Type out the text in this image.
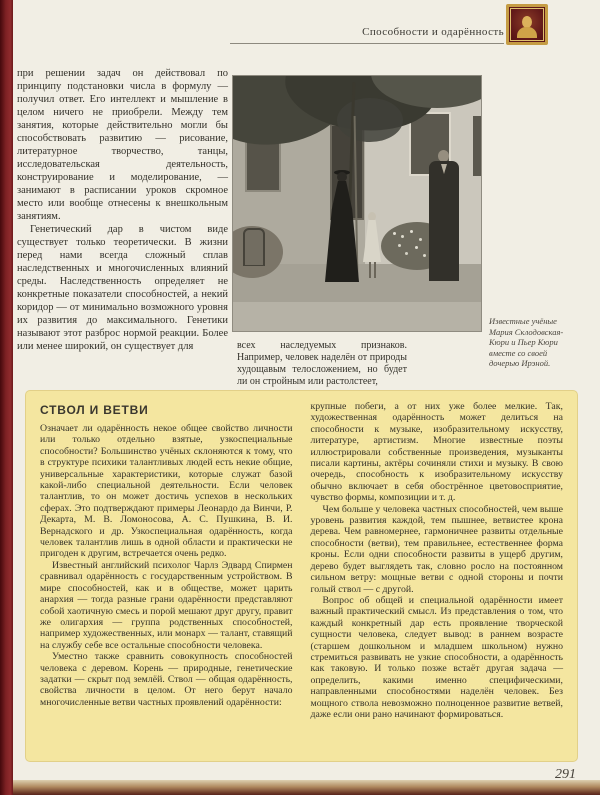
Способности и одарённость

при решении задач он действовал по принципу подстановки числа в формулу — получил ответ. Его интеллект и мышление в целом ничего не приобрели. Между тем занятия, которые действительно могли бы способствовать развитию — рисование, литературное творчество, танцы, исследовательская деятельность, конструирование и моделирование, — занимают в расписании уроков скромное место или вообще отнесены к внешкольным занятиям.

Генетический дар в чистом виде существует только теоретически. В жизни перед нами всегда сложный сплав наследственных и многочисленных влияний среды. Наследственность определяет не конкретные показатели способностей, а некий коридор — от минимально возможного уровня их развития до максимального. Генетики называют этот разброс нормой реакции. Более или менее широкий, он существует для

Известные учёные Мария Склодовская-Кюри и Пьер Кюри вместе со своей дочерью Ирэной.

всех наследуемых признаков. Например, человек наделён от природы худощавым телосложением, но будет ли он стройным или растолстеет,

СТВОЛ И ВЕТВИ

Означает ли одарённость некое общее свойство личности или только отдельно взятые, узкоспециальные способности? Большинство учёных склоняются к тому, что в структуре психики талантливых людей есть некие общие, универсальные характеристики, которые служат базой какой-либо специальной деятельности. Если человек талантлив, то он может достичь успехов в нескольких сферах. Это подтверждают примеры Леонардо да Винчи, Р. Декарта, М. В. Ломоносова, А. С. Пушкина, В. И. Вернадского и др. Узкоспециальная одарённость, когда человек талантлив лишь в одной области и практически не пригоден к другим, встречается очень редко.

Известный английский психолог Чарлз Эдвард Спирмен сравнивал одарённость с государственным устройством. В мире способностей, как и в обществе, может царить анархия — тогда разные грани одарённости представляют собой хаотичную смесь и порой мешают друг другу, правит же олигархия — группа родственных способностей, например художественных, или монарх — талант, ставящий на службу себе все остальные способности человека.

Уместно также сравнить совокупность способностей человека с деревом. Корень — природные, генетические задатки — скрыт под землёй. Ствол — общая одарённость, свойства личности в целом. От него берут начало многочисленные ветви частных проявлений одарённости:

крупные побеги, а от них уже более мелкие. Так, художественная одарённость может делиться на способности к музыке, изобразительному искусству, литературе, артистизм. Многие известные поэты иллюстрировали собственные произведения, музыканты писали картины, актёры сочиняли стихи и музыку. В свою очередь, способность к изобразительному искусству обычно включает в себя обострённое цветовосприятие, чувство формы, композиции и т. д.

Чем больше у человека частных способностей, чем выше уровень развития каждой, тем пышнее, ветвистее крона дерева. Чем равномернее, гармоничнее развиты отдельные способности (ветви), тем правильнее, естественнее форма кроны. Если одни способности развиты в ущерб другим, дерево будет выглядеть так, словно росло на постоянном сильном ветру: мощные ветви с одной стороны и почти голый ствол — с другой.

Вопрос об общей и специальной одарённости имеет важный практический смысл. Из представления о том, что каждый конкретный дар есть проявление творческой сущности человека, следует вывод: в раннем возрасте (старшем дошкольном и младшем школьном) нужно стремиться развивать не узкие способности, а одарённость как таковую. И только позже встаёт другая задача — определить, какими именно специфическими, направленными способностями наделён человек. Без мощного ствола невозможно полноценное развитие ветвей, даже если они рано начинают формироваться.

291
